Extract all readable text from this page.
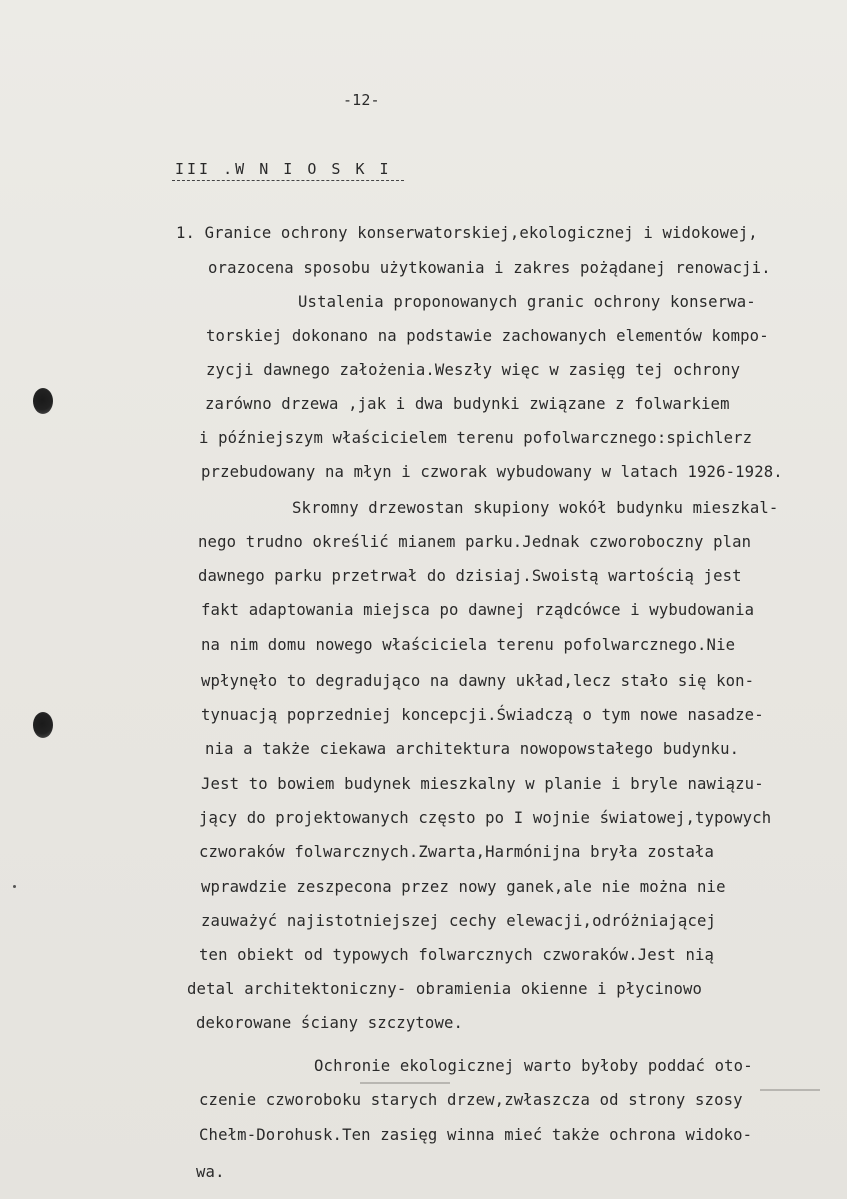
-12-
III .W N I O S K I
1. Granice ochrony konserwatorskiej,ekologicznej i widokowej,
orazocena sposobu użytkowania i zakres pożądanej renowacji.
Ustalenia proponowanych granic ochrony konserwa-
torskiej dokonano na podstawie zachowanych elementów kompo-
zycji dawnego założenia.Weszły więc w zasięg tej ochrony
zarówno drzewa ,jak i dwa budynki związane z folwarkiem
i późniejszym właścicielem terenu pofolwarcznego:spichlerz
przebudowany na młyn i czworak wybudowany w latach 1926-1928.
Skromny drzewostan skupiony wokół budynku mieszkal-
nego trudno określić mianem parku.Jednak czworoboczny plan
dawnego parku przetrwał do dzisiaj.Swoistą wartością jest
fakt adaptowania miejsca po dawnej rządcówce i wybudowania
na nim domu nowego właściciela terenu pofolwarcznego.Nie
wpłynęło to degradująco na dawny układ,lecz stało się kon-
tynuacją poprzedniej koncepcji.Świadczą o tym nowe nasadze-
nia a także ciekawa architektura nowopowstałego budynku.
Jest to bowiem budynek mieszkalny w planie i bryle nawiązu-
jący do projektowanych często po I wojnie światowej,typowych
czworaków folwarcznych.Zwarta,Harmónijna bryła została
wprawdzie zeszpecona przez nowy ganek,ale nie można nie
zauważyć najistotniejszej cechy elewacji,odróżniającej
ten obiekt od typowych folwarcznych czworaków.Jest nią
detal architektoniczny- obramienia okienne i płycinowo
dekorowane ściany szczytowe.
Ochronie ekologicznej warto byłoby poddać oto-
czenie czworoboku starych drzew,zwłaszcza od strony szosy
Chełm-Dorohusk.Ten zasięg winna mieć także ochrona widoko-
wa.
